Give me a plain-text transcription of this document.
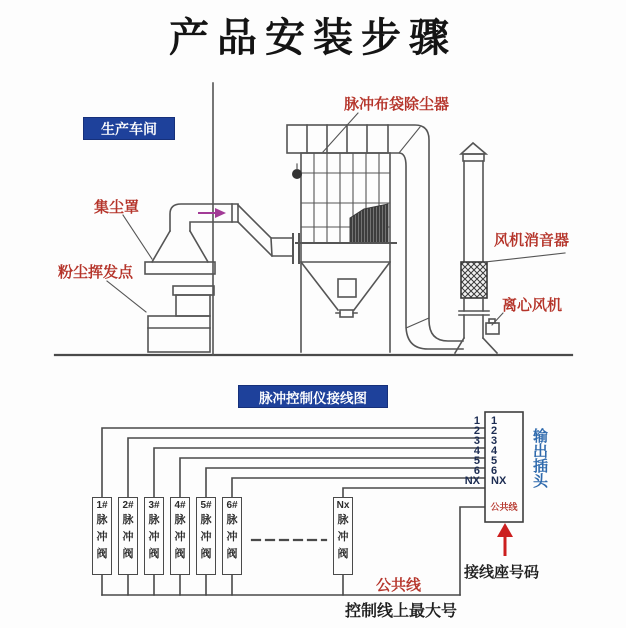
产品安装步骤
生产车间
脉冲布袋除尘器
集尘罩
粉尘挥发点
风机消音器
离心风机
脉冲控制仪接线图
1
2
3
4
5
6
NX
1
2
3
4
5
6
NX
公共线
输出插头
1#
脉冲阀
2#
脉冲阀
3#
脉冲阀
4#
脉冲阀
5#
脉冲阀
6#
脉冲阀
Nx
脉冲阀
公共线
接线座号码
控制线上最大号
